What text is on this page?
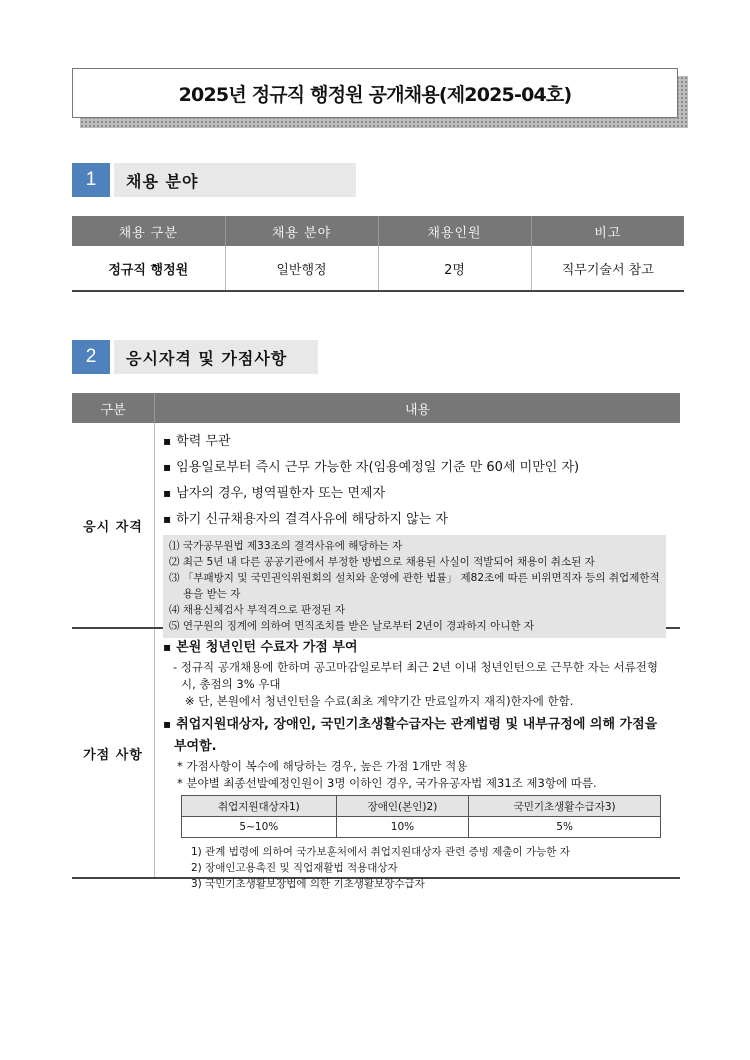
2025년 정규직 행정원 공개채용(제2025-04호)
1	채용 분야
채용 구분	채용 분야	채용인원	비고
정규직 행정원	일반행정	2명	직무기술서 참고
2	응시자격 및 가점사항
구분	내용
응시 자격
▪ 학력 무관
▪ 임용일로부터 즉시 근무 가능한 자(임용예정일 기준 만 60세 미만인 자)
▪ 남자의 경우, 병역필한자 또는 면제자
▪ 하기 신규채용자의 결격사유에 해당하지 않는 자
⑴ 국가공무원법 제33조의 결격사유에 해당하는 자
⑵ 최근 5년 내 다른 공공기관에서 부정한 방법으로 채용된 사실이 적발되어 채용이 취소된 자
⑶ 「부패방지 및 국민권익위원회의 설치와 운영에 관한 법률」 제82조에 따른 비위면직자 등의 취업제한적용을 받는 자
⑷ 채용신체검사 부적격으로 판정된 자
⑸ 연구원의 징계에 의하여 면직조치를 받은 날로부터 2년이 경과하지 아니한 자
가점 사항
▪ 본원 청년인턴 수료자 가점 부여
- 정규직 공개채용에 한하며 공고마감일로부터 최근 2년 이내 청년인턴으로 근무한 자는 서류전형 시, 총점의 3% 우대
※ 단, 본원에서 청년인턴을 수료(최초 계약기간 만료일까지 재직)한자에 한함.
▪ 취업지원대상자, 장애인, 국민기초생활수급자는 관계법령 및 내부규정에 의해 가점을 부여함.
* 가점사항이 복수에 해당하는 경우, 높은 가점 1개만 적용
* 분야별 최종선발예정인원이 3명 이하인 경우, 국가유공자법 제31조 제3항에 따름.
취업지원대상자1)	장애인(본인)2)	국민기초생활수급자3)
5~10%	10%	5%
1) 관계 법령에 의하여 국가보훈처에서 취업지원대상자 관련 증빙 제출이 가능한 자
2) 장애인고용촉진 및 직업재활법 적용대상자
3) 국민기초생활보장법에 의한 기초생활보장수급자
